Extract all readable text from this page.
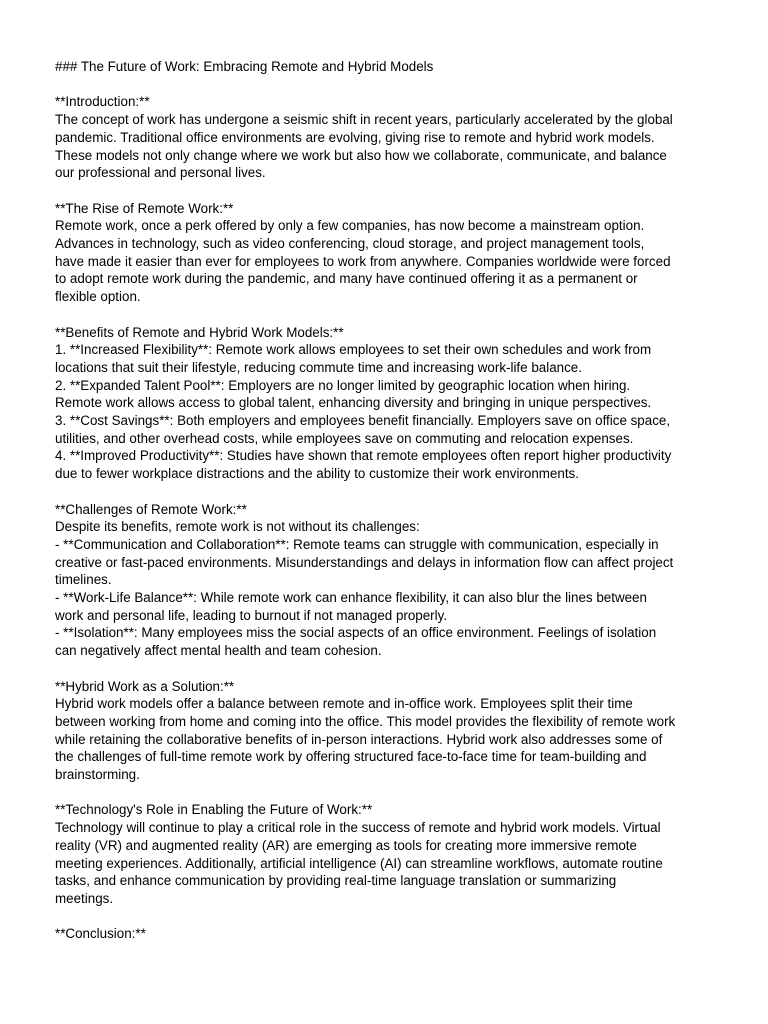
### The Future of Work: Embracing Remote and Hybrid Models
**Introduction:**
The concept of work has undergone a seismic shift in recent years, particularly accelerated by the global
pandemic. Traditional office environments are evolving, giving rise to remote and hybrid work models.
These models not only change where we work but also how we collaborate, communicate, and balance
our professional and personal lives.
**The Rise of Remote Work:**
Remote work, once a perk offered by only a few companies, has now become a mainstream option.
Advances in technology, such as video conferencing, cloud storage, and project management tools,
have made it easier than ever for employees to work from anywhere. Companies worldwide were forced
to adopt remote work during the pandemic, and many have continued offering it as a permanent or
flexible option.
**Benefits of Remote and Hybrid Work Models:**
1. **Increased Flexibility**: Remote work allows employees to set their own schedules and work from
locations that suit their lifestyle, reducing commute time and increasing work-life balance.
2. **Expanded Talent Pool**: Employers are no longer limited by geographic location when hiring.
Remote work allows access to global talent, enhancing diversity and bringing in unique perspectives.
3. **Cost Savings**: Both employers and employees benefit financially. Employers save on office space,
utilities, and other overhead costs, while employees save on commuting and relocation expenses.
4. **Improved Productivity**: Studies have shown that remote employees often report higher productivity
due to fewer workplace distractions and the ability to customize their work environments.
**Challenges of Remote Work:**
Despite its benefits, remote work is not without its challenges:
- **Communication and Collaboration**: Remote teams can struggle with communication, especially in
creative or fast-paced environments. Misunderstandings and delays in information flow can affect project
timelines.
- **Work-Life Balance**: While remote work can enhance flexibility, it can also blur the lines between
work and personal life, leading to burnout if not managed properly.
- **Isolation**: Many employees miss the social aspects of an office environment. Feelings of isolation
can negatively affect mental health and team cohesion.
**Hybrid Work as a Solution:**
Hybrid work models offer a balance between remote and in-office work. Employees split their time
between working from home and coming into the office. This model provides the flexibility of remote work
while retaining the collaborative benefits of in-person interactions. Hybrid work also addresses some of
the challenges of full-time remote work by offering structured face-to-face time for team-building and
brainstorming.
**Technology's Role in Enabling the Future of Work:**
Technology will continue to play a critical role in the success of remote and hybrid work models. Virtual
reality (VR) and augmented reality (AR) are emerging as tools for creating more immersive remote
meeting experiences. Additionally, artificial intelligence (AI) can streamline workflows, automate routine
tasks, and enhance communication by providing real-time language translation or summarizing
meetings.
**Conclusion:**
